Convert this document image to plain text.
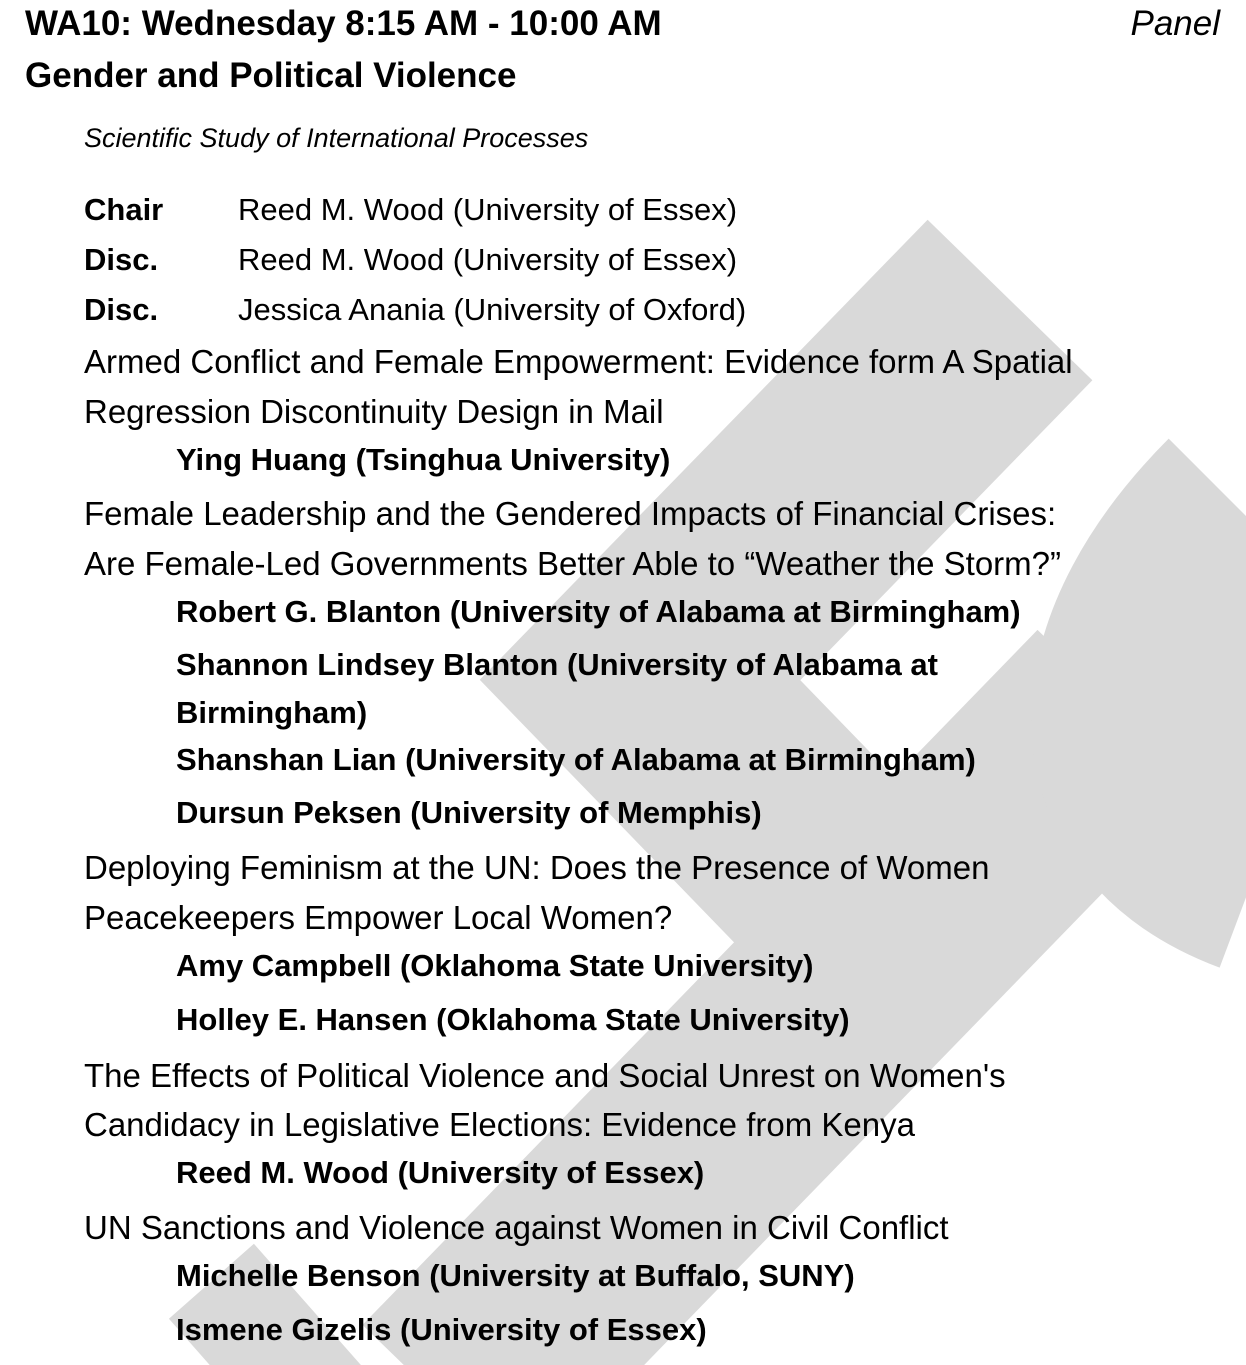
WA10: Wednesday 8:15 AM - 10:00 AM	Panel
Gender and Political Violence
Scientific Study of International Processes
Chair Reed M. Wood (University of Essex)
Disc.	Reed M. Wood (University of Essex)
Disc.	Jessica Anania (University of Oxford)
Armed Conflict and Female Empowerment: Evidence form A Spatial
Regression Discontinuity Design in Mail
Ying Huang (Tsinghua University)
Female Leadership and the Gendered Impacts of Financial Crises:
Are Female-Led Governments Better Able to “Weather the Storm?”
Robert G. Blanton (University of Alabama at Birmingham)
Shannon Lindsey Blanton (University of Alabama at
Birmingham)
Shanshan Lian (University of Alabama at Birmingham)
Dursun Peksen (University of Memphis)
Deploying Feminism at the UN: Does the Presence of Women
Peacekeepers Empower Local Women?
Amy Campbell (Oklahoma State University)
Holley E. Hansen (Oklahoma State University)
The Effects of Political Violence and Social Unrest on Women's
Candidacy in Legislative Elections: Evidence from Kenya
Reed M. Wood (University of Essex)
UN Sanctions and Violence against Women in Civil Conflict
Michelle Benson (University at Buffalo, SUNY)
Ismene Gizelis (University of Essex)
